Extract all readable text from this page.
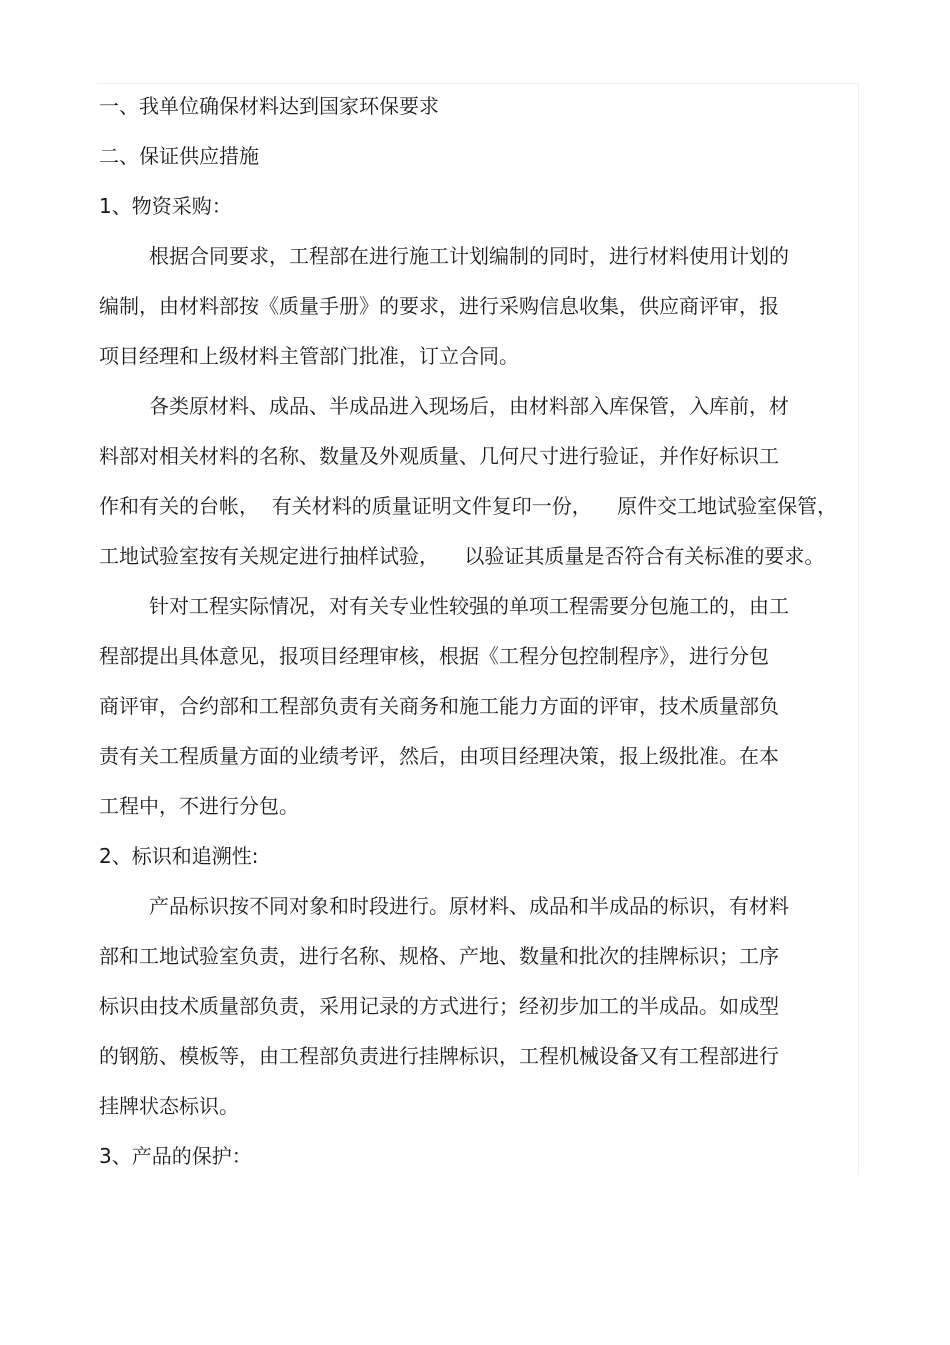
一、我单位确保材料达到国家环保要求
二、保证供应措施
1、物资采购：
根据合同要求，工程部在进行施工计划编制的同时，进行材料使用计划的
编制，由材料部按《质量手册》的要求，进行采购信息收集，供应商评审，报
项目经理和上级材料主管部门批准，订立合同。
各类原材料、成品、半成品进入现场后，由材料部入库保管，入库前，材
料部对相关材料的名称、数量及外观质量、几何尺寸进行验证，并作好标识工
作和有关的台帐，  有关材料的质量证明文件复印一份，    原件交工地试验室保管，
工地试验室按有关规定进行抽样试验，    以验证其质量是否符合有关标准的要求。
针对工程实际情况，对有关专业性较强的单项工程需要分包施工的，由工
程部提出具体意见，报项目经理审核，根据《工程分包控制程序》，进行分包
商评审，合约部和工程部负责有关商务和施工能力方面的评审，技术质量部负
责有关工程质量方面的业绩考评，然后，由项目经理决策，报上级批准。在本
工程中，不进行分包。
2、标识和追溯性:
产品标识按不同对象和时段进行。原材料、成品和半成品的标识，有材料
部和工地试验室负责，进行名称、规格、产地、数量和批次的挂牌标识；工序
标识由技术质量部负责，采用记录的方式进行；经初步加工的半成品。如成型
的钢筋、模板等，由工程部负责进行挂牌标识，工程机械设备又有工程部进行
挂牌状态标识。
3、产品的保护：
